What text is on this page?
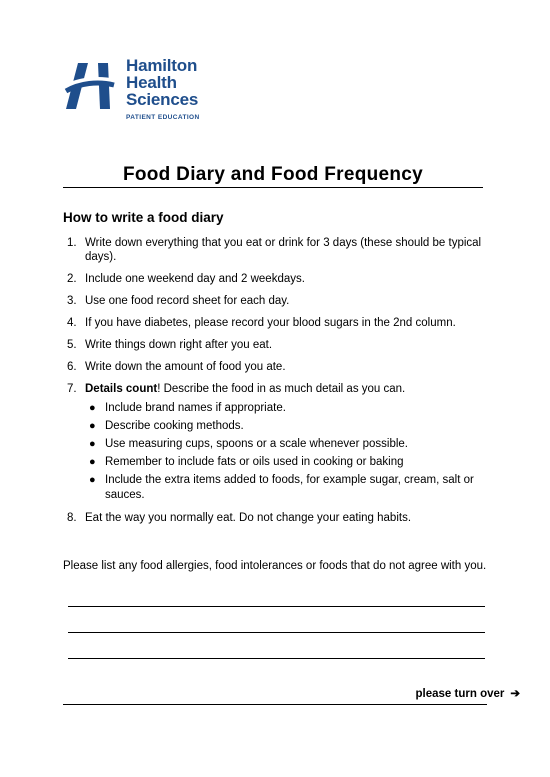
Hamilton
Health
Sciences
PATIENT EDUCATION
Food Diary and Food Frequency
How to write a food diary
1. Write down everything that you eat or drink for 3 days (these should be typical days).
2. Include one weekend day and 2 weekdays.
3. Use one food record sheet for each day.
4. If you have diabetes, please record your blood sugars in the 2nd column.
5. Write things down right after you eat.
6. Write down the amount of food you ate.
7. Details count! Describe the food in as much detail as you can.
● Include brand names if appropriate.
● Describe cooking methods.
● Use measuring cups, spoons or a scale whenever possible.
● Remember to include fats or oils used in cooking or baking
● Include the extra items added to foods, for example sugar, cream, salt or sauces.
8. Eat the way you normally eat. Do not change your eating habits.
Please list any food allergies, food intolerances or foods that do not agree with you.
please turn over ➔
